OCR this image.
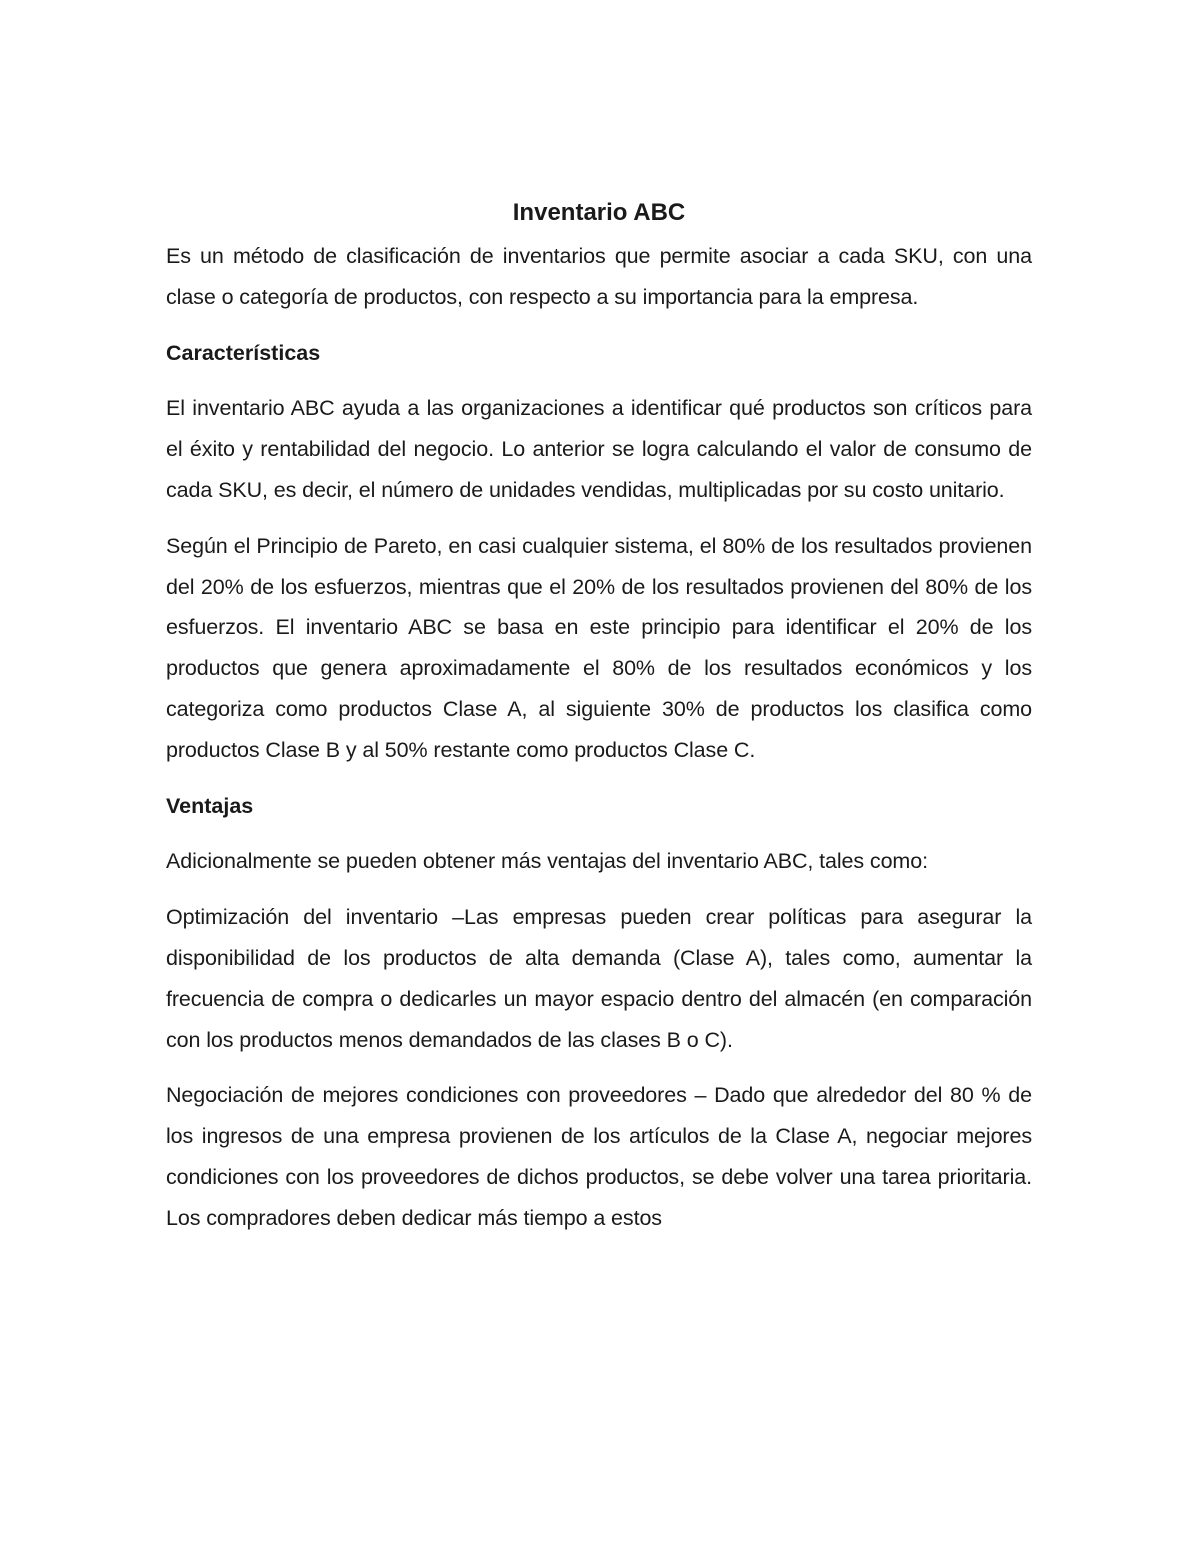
Inventario ABC

Es un método de clasificación de inventarios que permite asociar a cada SKU, con una clase o categoría de productos, con respecto a su importancia para la empresa.

Características

El inventario ABC ayuda a las organizaciones a identificar qué productos son críticos para el éxito y rentabilidad del negocio. Lo anterior se logra calculando el valor de consumo de cada SKU, es decir, el número de unidades vendidas, multiplicadas por su costo unitario.

Según el Principio de Pareto, en casi cualquier sistema, el 80% de los resultados provienen del 20% de los esfuerzos, mientras que el 20% de los resultados provienen del 80% de los esfuerzos. El inventario ABC se basa en este principio para identificar el 20% de los productos que genera aproximadamente el 80% de los resultados económicos y los categoriza como productos Clase A, al siguiente 30% de productos los clasifica como productos Clase B y al 50% restante como productos Clase C.

Ventajas

Adicionalmente se pueden obtener más ventajas del inventario ABC, tales como:

Optimización del inventario –Las empresas pueden crear políticas para asegurar la disponibilidad de los productos de alta demanda (Clase A), tales como, aumentar la frecuencia de compra o dedicarles un mayor espacio dentro del almacén (en comparación con los productos menos demandados de las clases B o C).

Negociación de mejores condiciones con proveedores – Dado que alrededor del 80 % de los ingresos de una empresa provienen de los artículos de la Clase A, negociar mejores condiciones con los proveedores de dichos productos, se debe volver una tarea prioritaria. Los compradores deben dedicar más tiempo a estos
